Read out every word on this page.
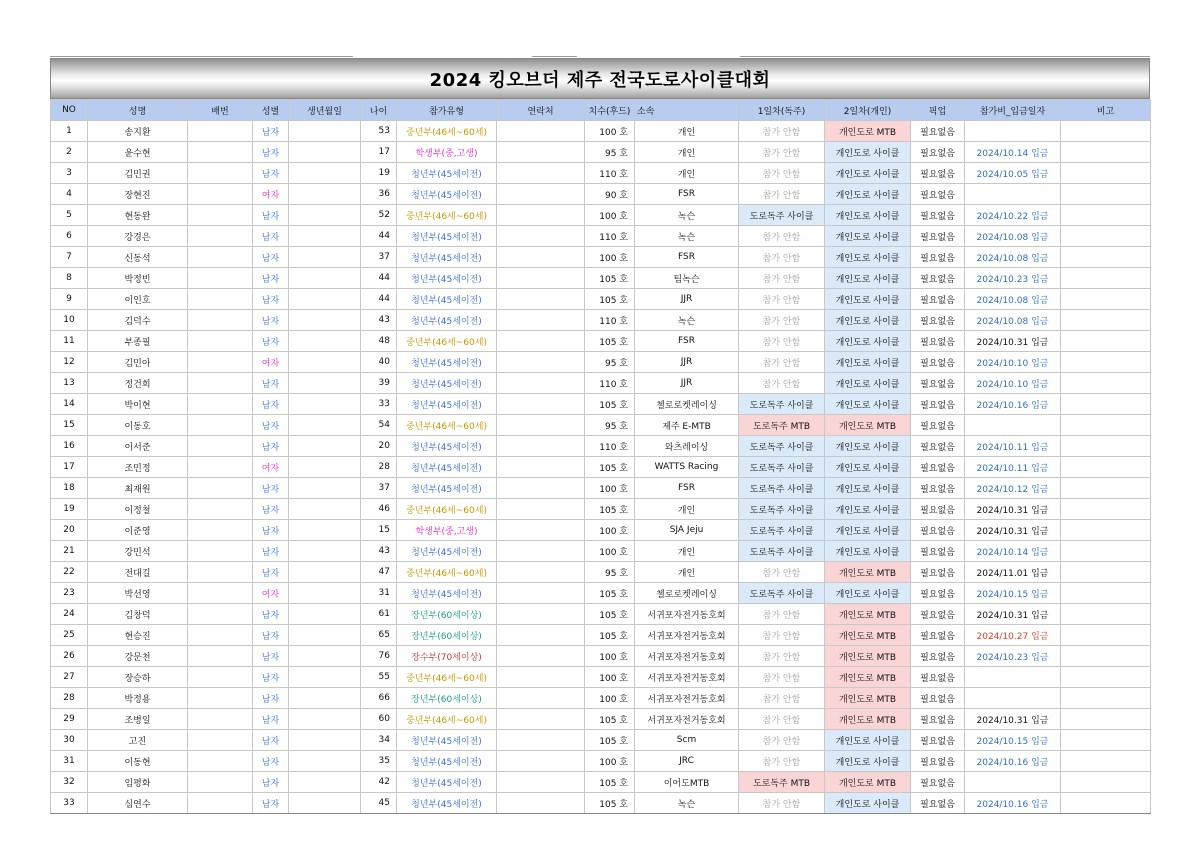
2024 킹오브더 제주 전국도로사이클대회
NO	성명	배번	성별	생년월일	나이	참가유형	연락처	치수(후드)	소속	1일차(독주)	2일차(개인)	픽업	참가비_입금일자	비고
1	송지환		남자		53	중년부(46세~60세)		100 호	개인	참가 안함	개인도로 MTB	필요없음		
2	윤수현		남자		17	학생부(중,고생)		95 호	개인	참가 안함	개인도로 사이클	필요없음	2024/10.14 입금	
3	김민권		남자		19	청년부(45세이전)		110 호	개인	참가 안함	개인도로 사이클	필요없음	2024/10.05 입금	
4	장현진		여자		36	청년부(45세이전)		90 호	FSR	참가 안함	개인도로 사이클	필요없음		
5	현동완		남자		52	중년부(46세~60세)		100 호	녹슨	도로독주 사이클	개인도로 사이클	필요없음	2024/10.22 입금	
6	강경은		남자		44	청년부(45세이전)		110 호	녹슨	참가 안함	개인도로 사이클	필요없음	2024/10.08 입금	
7	신동석		남자		37	청년부(45세이전)		100 호	FSR	참가 안함	개인도로 사이클	필요없음	2024/10.08 입금	
8	박정빈		남자		44	청년부(45세이전)		105 호	팀녹슨	참가 안함	개인도로 사이클	필요없음	2024/10.23 입금	
9	이인호		남자		44	청년부(45세이전)		105 호	JJR	참가 안함	개인도로 사이클	필요없음	2024/10.08 입금	
10	김덕수		남자		43	청년부(45세이전)		110 호	녹슨	참가 안함	개인도로 사이클	필요없음	2024/10.08 입금	
11	부종필		남자		48	중년부(46세~60세)		105 호	FSR	참가 안함	개인도로 사이클	필요없음	2024/10.31 입금	
12	김민아		여자		40	청년부(45세이전)		95 호	JJR	참가 안함	개인도로 사이클	필요없음	2024/10.10 입금	
13	정건희		남자		39	청년부(45세이전)		110 호	JJR	참가 안함	개인도로 사이클	필요없음	2024/10.10 입금	
14	박이현		남자		33	청년부(45세이전)		105 호	첼로로켓레이싱	도로독주 사이클	개인도로 사이클	필요없음	2024/10.16 입금	
15	이동호		남자		54	중년부(46세~60세)		95 호	제주 E-MTB	도로독주 MTB	개인도로 MTB	필요없음		
16	이서준		남자		20	청년부(45세이전)		110 호	와츠레이싱	도로독주 사이클	개인도로 사이클	필요없음	2024/10.11 입금	
17	조민정		여자		28	청년부(45세이전)		105 호	WATTS Racing	도로독주 사이클	개인도로 사이클	필요없음	2024/10.11 입금	
18	최재원		남자		37	청년부(45세이전)		100 호	FSR	도로독주 사이클	개인도로 사이클	필요없음	2024/10.12 입금	
19	이정철		남자		46	중년부(46세~60세)		105 호	개인	도로독주 사이클	개인도로 사이클	필요없음	2024/10.31 입금	
20	이준영		남자		15	학생부(중,고생)		100 호	SJA Jeju	도로독주 사이클	개인도로 사이클	필요없음	2024/10.31 입금	
21	강민석		남자		43	청년부(45세이전)		100 호	개인	도로독주 사이클	개인도로 사이클	필요없음	2024/10.14 입금	
22	전대길		남자		47	중년부(46세~60세)		95 호	개인	참가 안함	개인도로 MTB	필요없음	2024/11.01 입금	
23	박선영		여자		31	청년부(45세이전)		105 호	첼로로켓레이싱	도로독주 사이클	개인도로 사이클	필요없음	2024/10.15 입금	
24	김창덕		남자		61	장년부(60세이상)		105 호	서귀포자전거동호회	참가 안함	개인도로 MTB	필요없음	2024/10.31 입금	
25	현승진		남자		65	장년부(60세이상)		105 호	서귀포자전거동호회	참가 안함	개인도로 MTB	필요없음	2024/10.27 입금	
26	강문천		남자		76	장수부(70세이상)		100 호	서귀포자전거동호회	참가 안함	개인도로 MTB	필요없음	2024/10.23 입금	
27	장승하		남자		55	중년부(46세~60세)		100 호	서귀포자전거동호회	참가 안함	개인도로 MTB	필요없음		
28	박정용		남자		66	장년부(60세이상)		100 호	서귀포자전거동호회	참가 안함	개인도로 MTB	필요없음		
29	조병일		남자		60	중년부(46세~60세)		105 호	서귀포자전거동호회	참가 안함	개인도로 MTB	필요없음	2024/10.31 입금	
30	고진		남자		34	청년부(45세이전)		105 호	Scm	참가 안함	개인도로 사이클	필요없음	2024/10.15 입금	
31	이동현		남자		35	청년부(45세이전)		100 호	JRC	참가 안함	개인도로 사이클	필요없음	2024/10.16 입금	
32	임평화		남자		42	청년부(45세이전)		105 호	이어도MTB	도로독주 MTB	개인도로 MTB	필요없음		
33	심연수		남자		45	청년부(45세이전)		105 호	녹슨	참가 안함	개인도로 사이클	필요없음	2024/10.16 입금	
